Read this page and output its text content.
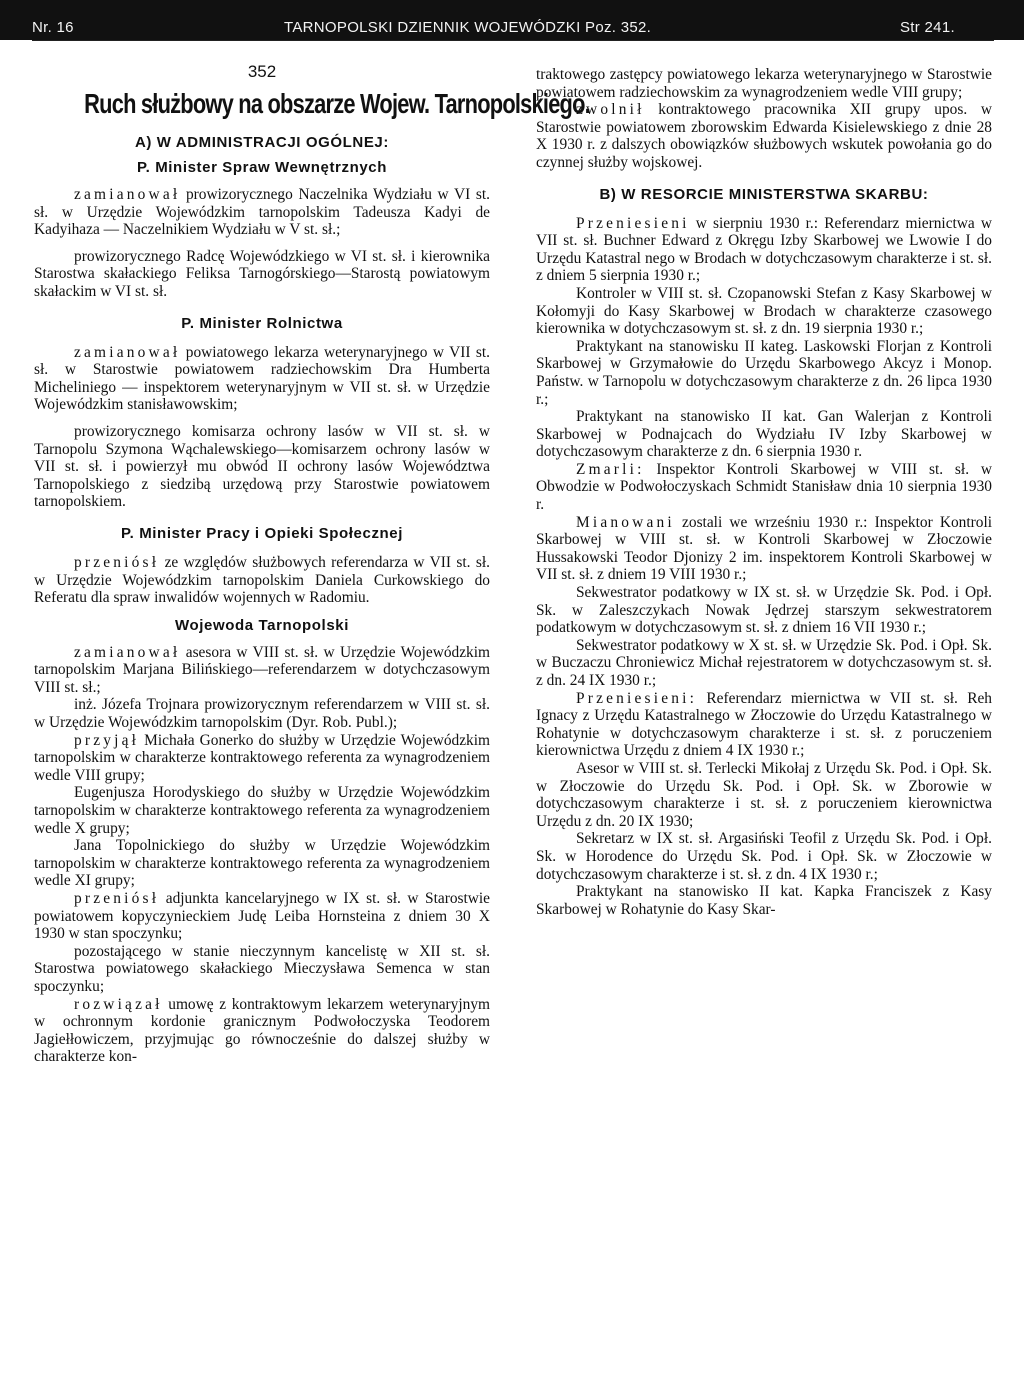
Nr. 16	TARNOPOLSKI DZIENNIK WOJEWÓDZKI Poz. 352.	Str 241.
352
Ruch służbowy na obszarze Wojew. Tarnopolskiego.
A) W ADMINISTRACJI OGÓLNEJ:
P. Minister Spraw Wewnętrznych

zamianował prowizorycznego Naczelnika Wydziału w VI st. sł. w Urzędzie Wojewódzkim tarnopolskim Tadeusza Kadyi de Kadyihaza — Naczelnikiem Wydziału w V st. sł.;

prowizorycznego Radcę Wojewódzkiego w VI st. sł. i kierownika Starostwa skałackiego Feliksa Tarnogórskiego—Starostą powiatowym skałackim w VI st. sł.

P. Minister Rolnictwa

zamianował powiatowego lekarza weterynaryjnego w VII st. sł. w Starostwie powiatowem radziechowskim Dra Humberta Micheliniego — inspektorem weterynaryjnym w VII st. sł. w Urzędzie Wojewódzkim stanisławowskim;

prowizorycznego komisarza ochrony lasów w VII st. sł. w Tarnopolu Szymona Wąchalewskiego—komisarzem ochrony lasów w VII st. sł. i powierzył mu obwód II ochrony lasów Województwa Tarnopolskiego z siedzibą urzędową przy Starostwie powiatowem tarnopolskiem.

P. Minister Pracy i Opieki Społecznej

przeniósł ze względów służbowych referendarza w VII st. sł. w Urzędzie Wojewódzkim tarnopolskim Daniela Curkowskiego do Referatu dla spraw inwalidów wojennych w Radomiu.

Wojewoda Tarnopolski

zamianował asesora w VIII st. sł. w Urzędzie Wojewódzkim tarnopolskim Marjana Bilińskiego—referendarzem w dotychczasowym VIII st. sł.;

inż. Józefa Trojnara prowizorycznym referendarzem w VIII st. sł. w Urzędzie Wojewódzkim tarnopolskim (Dyr. Rob. Publ.);

przyjął Michała Gonerko do służby w Urzędzie Wojewódzkim tarnopolskim w charakterze kontraktowego referenta za wynagrodzeniem wedle VIII grupy;

Eugenjusza Horodyskiego do służby w Urzędzie Wojewódzkim tarnopolskim w charakterze kontraktowego referenta za wynagrodzeniem wedle X grupy;

Jana Topolnickiego do służby w Urzędzie Wojewódzkim tarnopolskim w charakterze kontraktowego referenta za wynagrodzeniem wedle XI grupy;

przeniósł adjunkta kancelaryjnego w IX st. sł. w Starostwie powiatowem kopyczynieckiem Judę Leiba Hornsteina z dniem 30 X 1930 w stan spoczynku;

pozostającego w stanie nieczynnym kancelistę w XII st. sł. Starostwa powiatowego skałackiego Mieczysława Semenca w stan spoczynku;

rozwiązał umowę z kontraktowym lekarzem weterynaryjnym w ochronnym kordonie granicznym Podwołoczyska Teodorem Jagiełłowiczem, przyjmując go równocześnie do dalszej służby w charakterze kon-

traktowego zastępcy powiatowego lekarza weterynaryjnego w Starostwie powiatowem radziechowskim za wynagrodzeniem wedle VIII grupy;

zwolnił kontraktowego pracownika XII grupy upos. w Starostwie powiatowem zborowskim Edwarda Kisielewskiego z dnie 28 X 1930 r. z dalszych obowiązków służbowych wskutek powołania go do czynnej służby wojskowej.

B) W RESORCIE MINISTERSTWA SKARBU:

Przeniesieni w sierpniu 1930 r.: Referendarz miernictwa w VII st. sł. Buchner Edward z Okręgu Izby Skarbowej we Lwowie I do Urzędu Katastral nego w Brodach w dotychczasowym charakterze i st. sł. z dniem 5 sierpnia 1930 r.;

Kontroler w VIII st. sł. Czopanowski Stefan z Kasy Skarbowej w Kołomyji do Kasy Skarbowej w Brodach w charakterze czasowego kierownika w dotychczasowym st. sł. z dn. 19 sierpnia 1930 r.;

Praktykant na stanowisku II kateg. Laskowski Florjan z Kontroli Skarbowej w Grzymałowie do Urzędu Skarbowego Akcyz i Monop. Państw. w Tarnopolu w dotychczasowym charakterze z dn. 26 lipca 1930 r.;

Praktykant na stanowisko II kat. Gan Walerjan z Kontroli Skarbowej w Podnajcach do Wydziału IV Izby Skarbowej w dotychczasowym charakterze z dn. 6 sierpnia 1930 r.

Zmarli: Inspektor Kontroli Skarbowej w VIII st. sł. w Obwodzie w Podwołoczyskach Schmidt Stanisław dnia 10 sierpnia 1930 r.

Mianowani zostali we wrześniu 1930 r.: Inspektor Kontroli Skarbowej w VIII st. sł. w Kontroli Skarbowej w Złoczowie Hussakowski Teodor Djonizy 2 im. inspektorem Kontroli Skarbowej w VII st. sł. z dniem 19 VIII 1930 r.;

Sekwestrator podatkowy w IX st. sł. w Urzędzie Sk. Pod. i Opł. Sk. w Zaleszczykach Nowak Jędrzej starszym sekwestratorem podatkowym w dotychczasowym st. sł. z dniem 16 VII 1930 r.;

Sekwestrator podatkowy w X st. sł. w Urzędzie Sk. Pod. i Opł. Sk. w Buczaczu Chroniewicz Michał rejestratorem w dotychczasowym st. sł. z dn. 24 IX 1930 r.;

Przeniesieni: Referendarz miernictwa w VII st. sł. Reh Ignacy z Urzędu Katastralnego w Złoczowie do Urzędu Katastralnego w Rohatynie w dotychczasowym charakterze i st. sł. z poruczeniem kierownictwa Urzędu z dniem 4 IX 1930 r.;

Asesor w VIII st. sł. Terlecki Mikołaj z Urzędu Sk. Pod. i Opł. Sk. w Złoczowie do Urzędu Sk. Pod. i Opł. Sk. w Zborowie w dotychczasowym charakterze i st. sł. z poruczeniem kierownictwa Urzędu z dn. 20 IX 1930;

Sekretarz w IX st. sł. Argasiński Teofil z Urzędu Sk. Pod. i Opł. Sk. w Horodence do Urzędu Sk. Pod. i Opł. Sk. w Złoczowie w dotychczasowym charakterze i st. sł. z dn. 4 IX 1930 r.;

Praktykant na stanowisko II kat. Kapka Franciszek z Kasy Skarbowej w Rohatynie do Kasy Skar-
